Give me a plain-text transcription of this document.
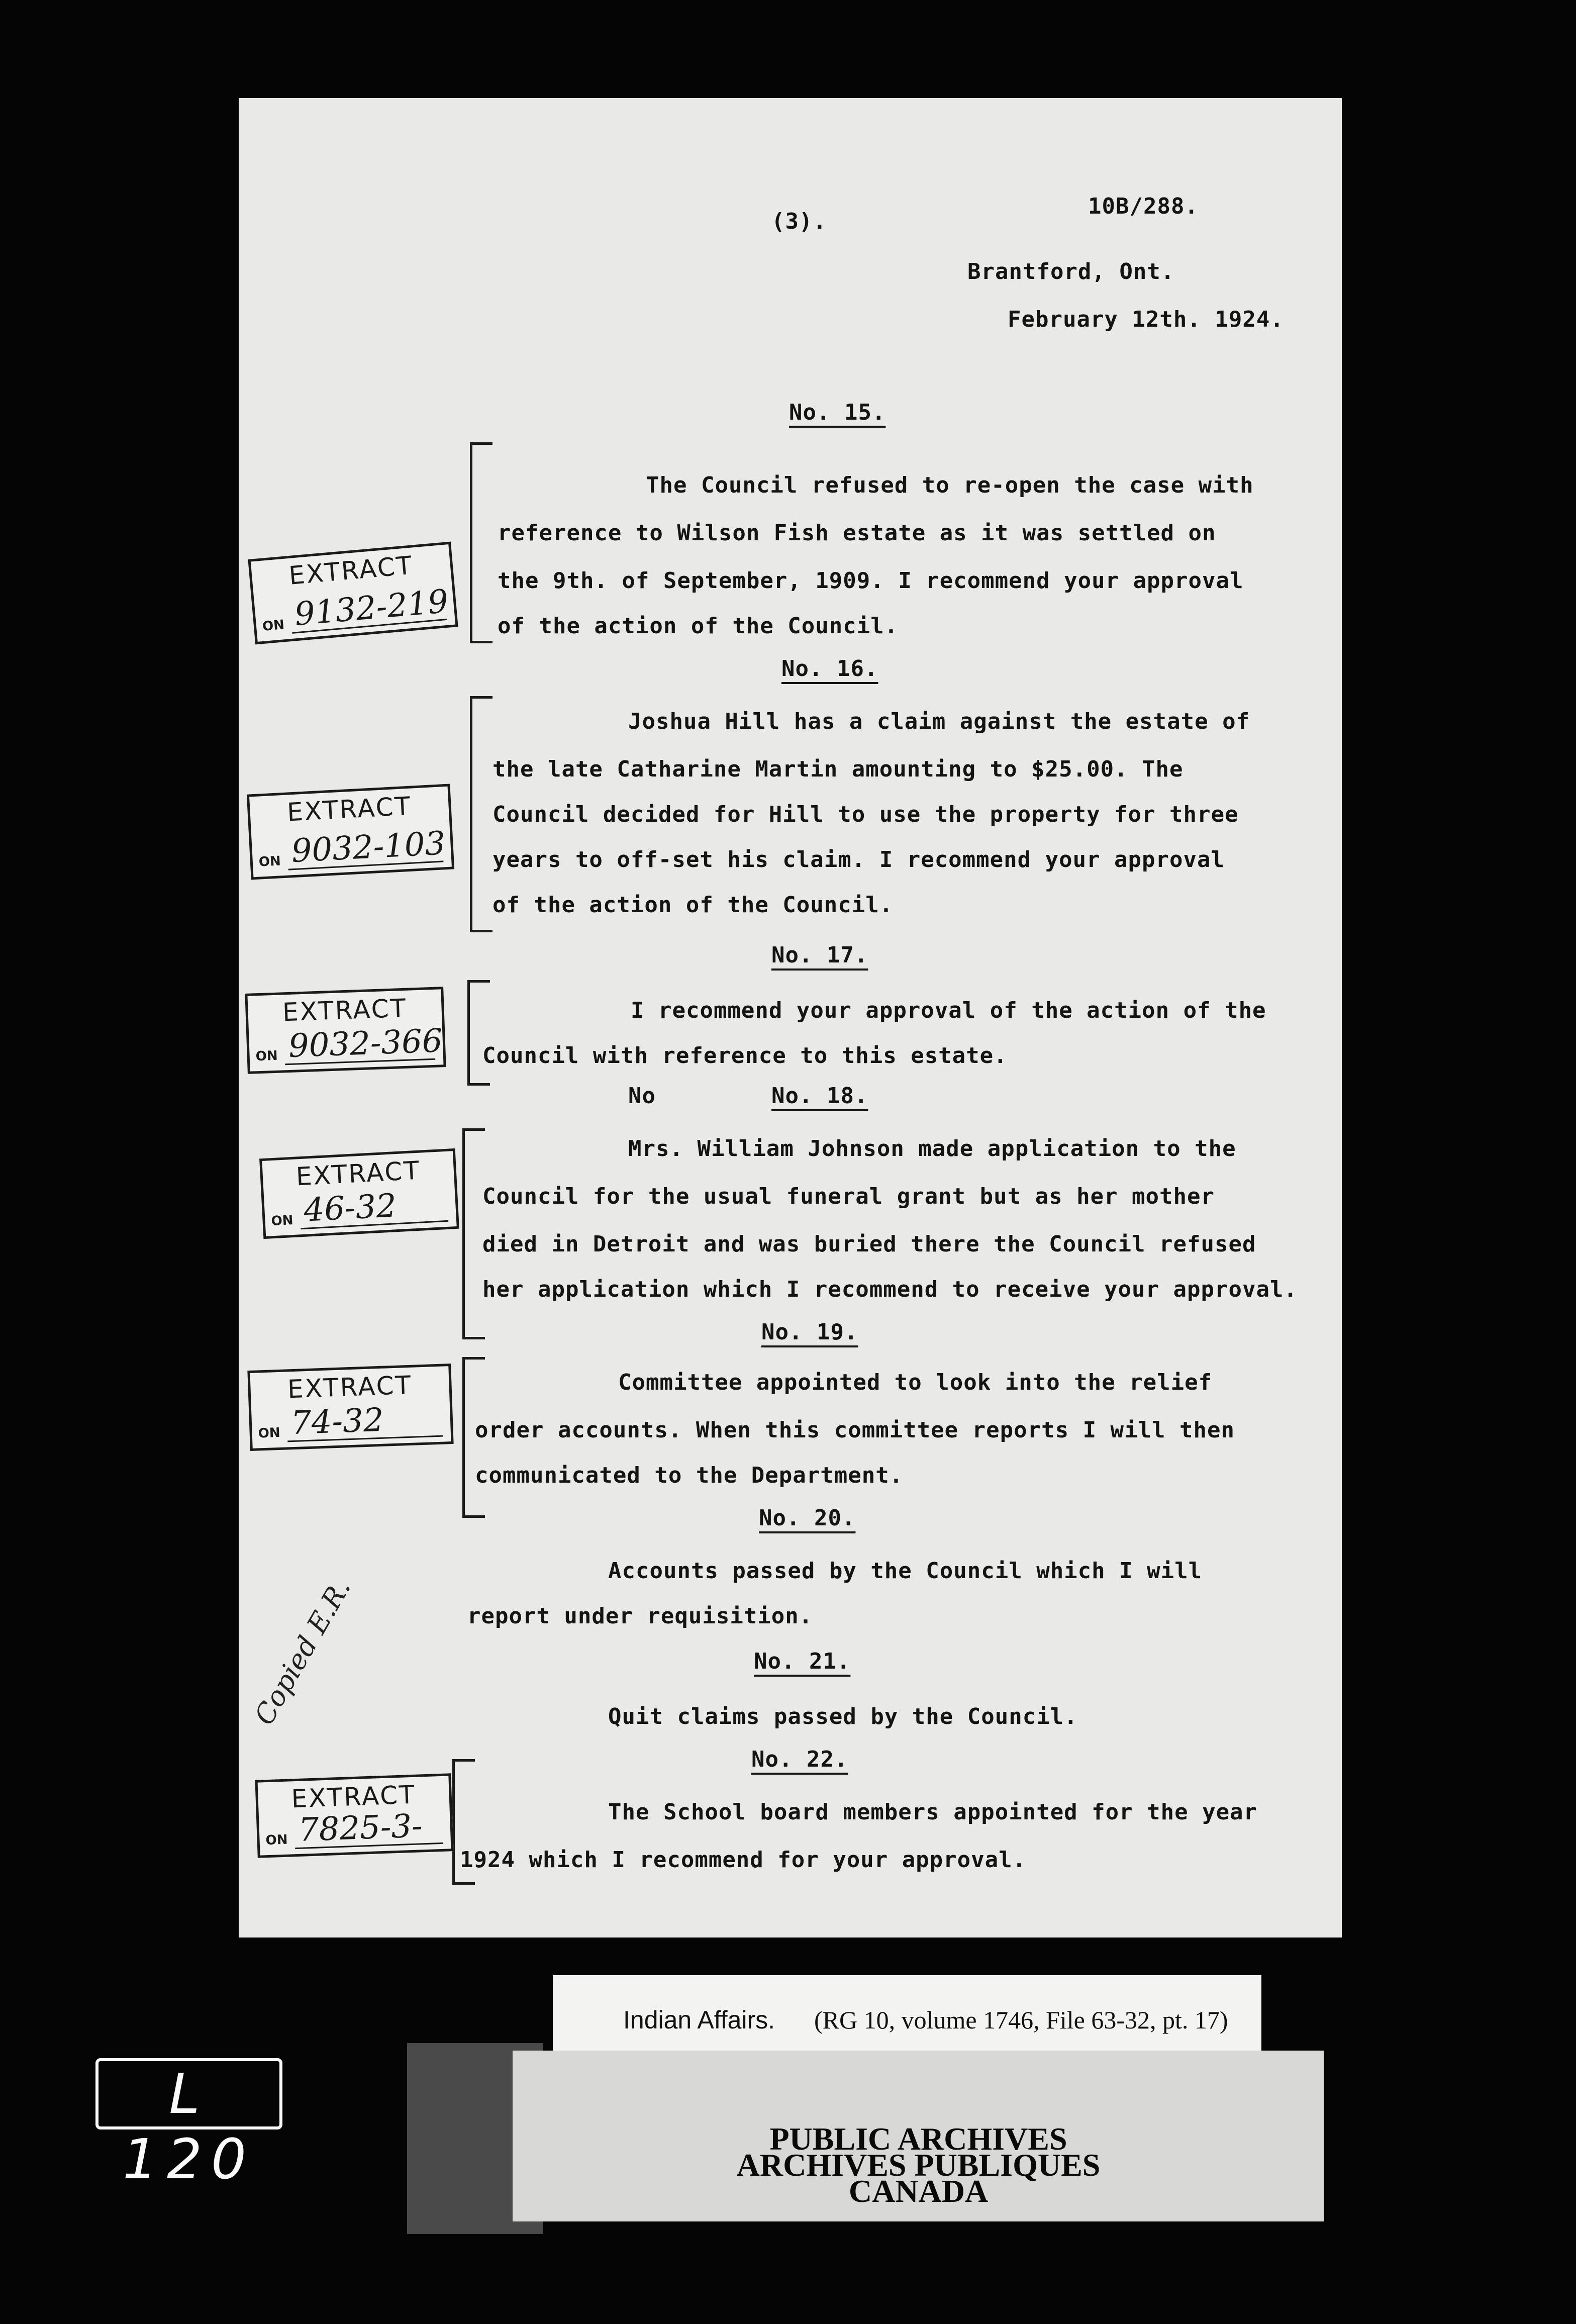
(3).
10B/288.
Brantford, Ont.
February 12th. 1924.
No. 15.
The Council refused to re-open the case with
reference to Wilson Fish estate as it was settled on
the 9th. of September, 1909. I recommend your approval
of the action of the Council.
No. 16.
Joshua Hill has a claim against the estate of
the late Catharine Martin amounting to $25.00. The
Council decided for Hill to use the property for three
years to off-set his claim. I recommend your approval
of the action of the Council.
No. 17.
I recommend your approval of the action of the
Council with reference to this estate.
No	No. 18.
Mrs. William Johnson made application to the
Council for the usual funeral grant but as her mother
died in Detroit and was buried there the Council refused
her application which I recommend to receive your approval.
No. 19.
Committee appointed to look into the relief
order accounts. When this committee reports I will then
communicated to the Department.
No. 20.
Accounts passed by the Council which I will
report under requisition.
No. 21.
Quit claims passed by the Council.
No. 22.
The School board members appointed for the year
1924 which I recommend for your approval.
EXTRACT
ON 9132-219
EXTRACT
ON 9032-103
EXTRACT
ON 9032-366
EXTRACT
ON 46-32
EXTRACT
ON 74-32
EXTRACT
ON 7825-3-
Copied E.R.
Indian Affairs. (RG 10, volume 1746, File 63-32, pt. 17)
PUBLIC ARCHIVES
ARCHIVES PUBLIQUES
CANADA
L 120
